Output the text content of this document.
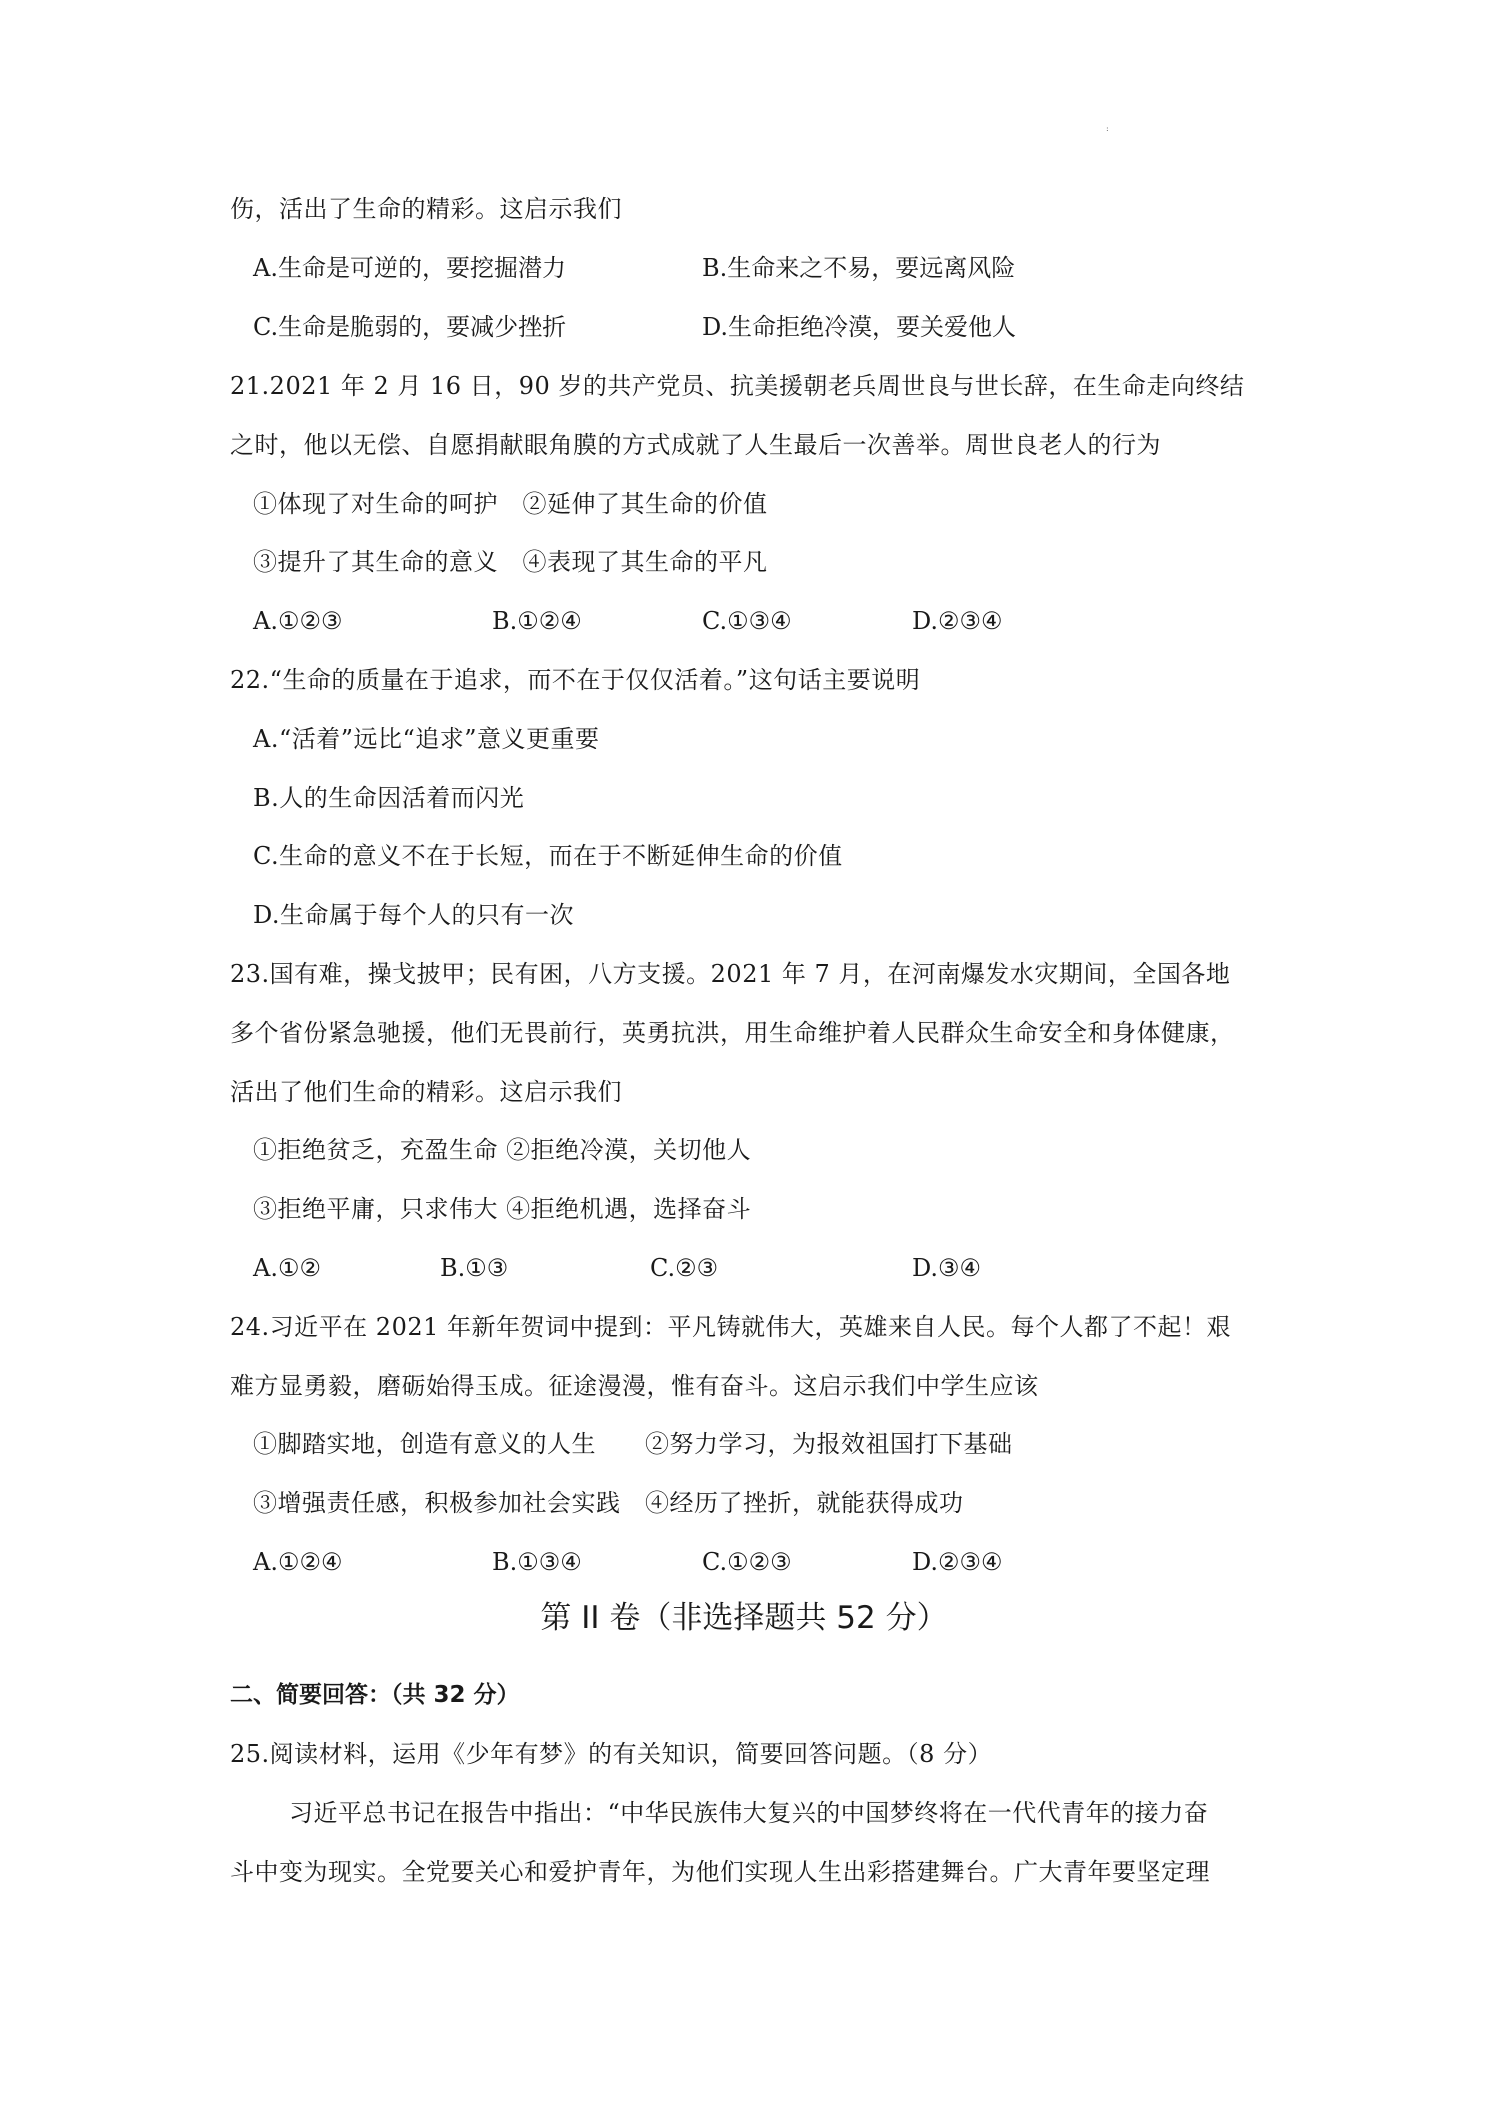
:
伤，活出了生命的精彩。这启示我们
A.生命是可逆的，要挖掘潜力	B.生命来之不易，要远离风险
C.生命是脆弱的，要减少挫折	D.生命拒绝冷漠，要关爱他人
21.2021 年 2 月 16 日，90 岁的共产党员、抗美援朝老兵周世良与世长辞，在生命走向终结
之时，他以无偿、自愿捐献眼角膜的方式成就了人生最后一次善举。周世良老人的行为
①体现了对生命的呵护　②延伸了其生命的价值
③提升了其生命的意义　④表现了其生命的平凡
A.①②③	B.①②④	C.①③④	D.②③④
22.“生命的质量在于追求，而不在于仅仅活着。”这句话主要说明
A.“活着”远比“追求”意义更重要
B.人的生命因活着而闪光
C.生命的意义不在于长短，而在于不断延伸生命的价值
D.生命属于每个人的只有一次
23.国有难，操戈披甲；民有困，八方支援。2021 年 7 月，在河南爆发水灾期间，全国各地
多个省份紧急驰援，他们无畏前行，英勇抗洪，用生命维护着人民群众生命安全和身体健康，
活出了他们生命的精彩。这启示我们
①拒绝贫乏，充盈生命 ②拒绝冷漠，关切他人
③拒绝平庸，只求伟大 ④拒绝机遇，选择奋斗
A.①②	B.①③	C.②③	D.③④
24.习近平在 2021 年新年贺词中提到：平凡铸就伟大，英雄来自人民。每个人都了不起！艰
难方显勇毅，磨砺始得玉成。征途漫漫，惟有奋斗。这启示我们中学生应该
①脚踏实地，创造有意义的人生　　②努力学习，为报效祖国打下基础
③增强责任感，积极参加社会实践　④经历了挫折，就能获得成功
A.①②④	B.①③④	C.①②③	D.②③④
第 II 卷（非选择题共 52 分）
二、简要回答：（共 32 分）
25.阅读材料，运用《少年有梦》的有关知识，简要回答问题。（8 分）
习近平总书记在报告中指出：“中华民族伟大复兴的中国梦终将在一代代青年的接力奋
斗中变为现实。全党要关心和爱护青年，为他们实现人生出彩搭建舞台。广大青年要坚定理
